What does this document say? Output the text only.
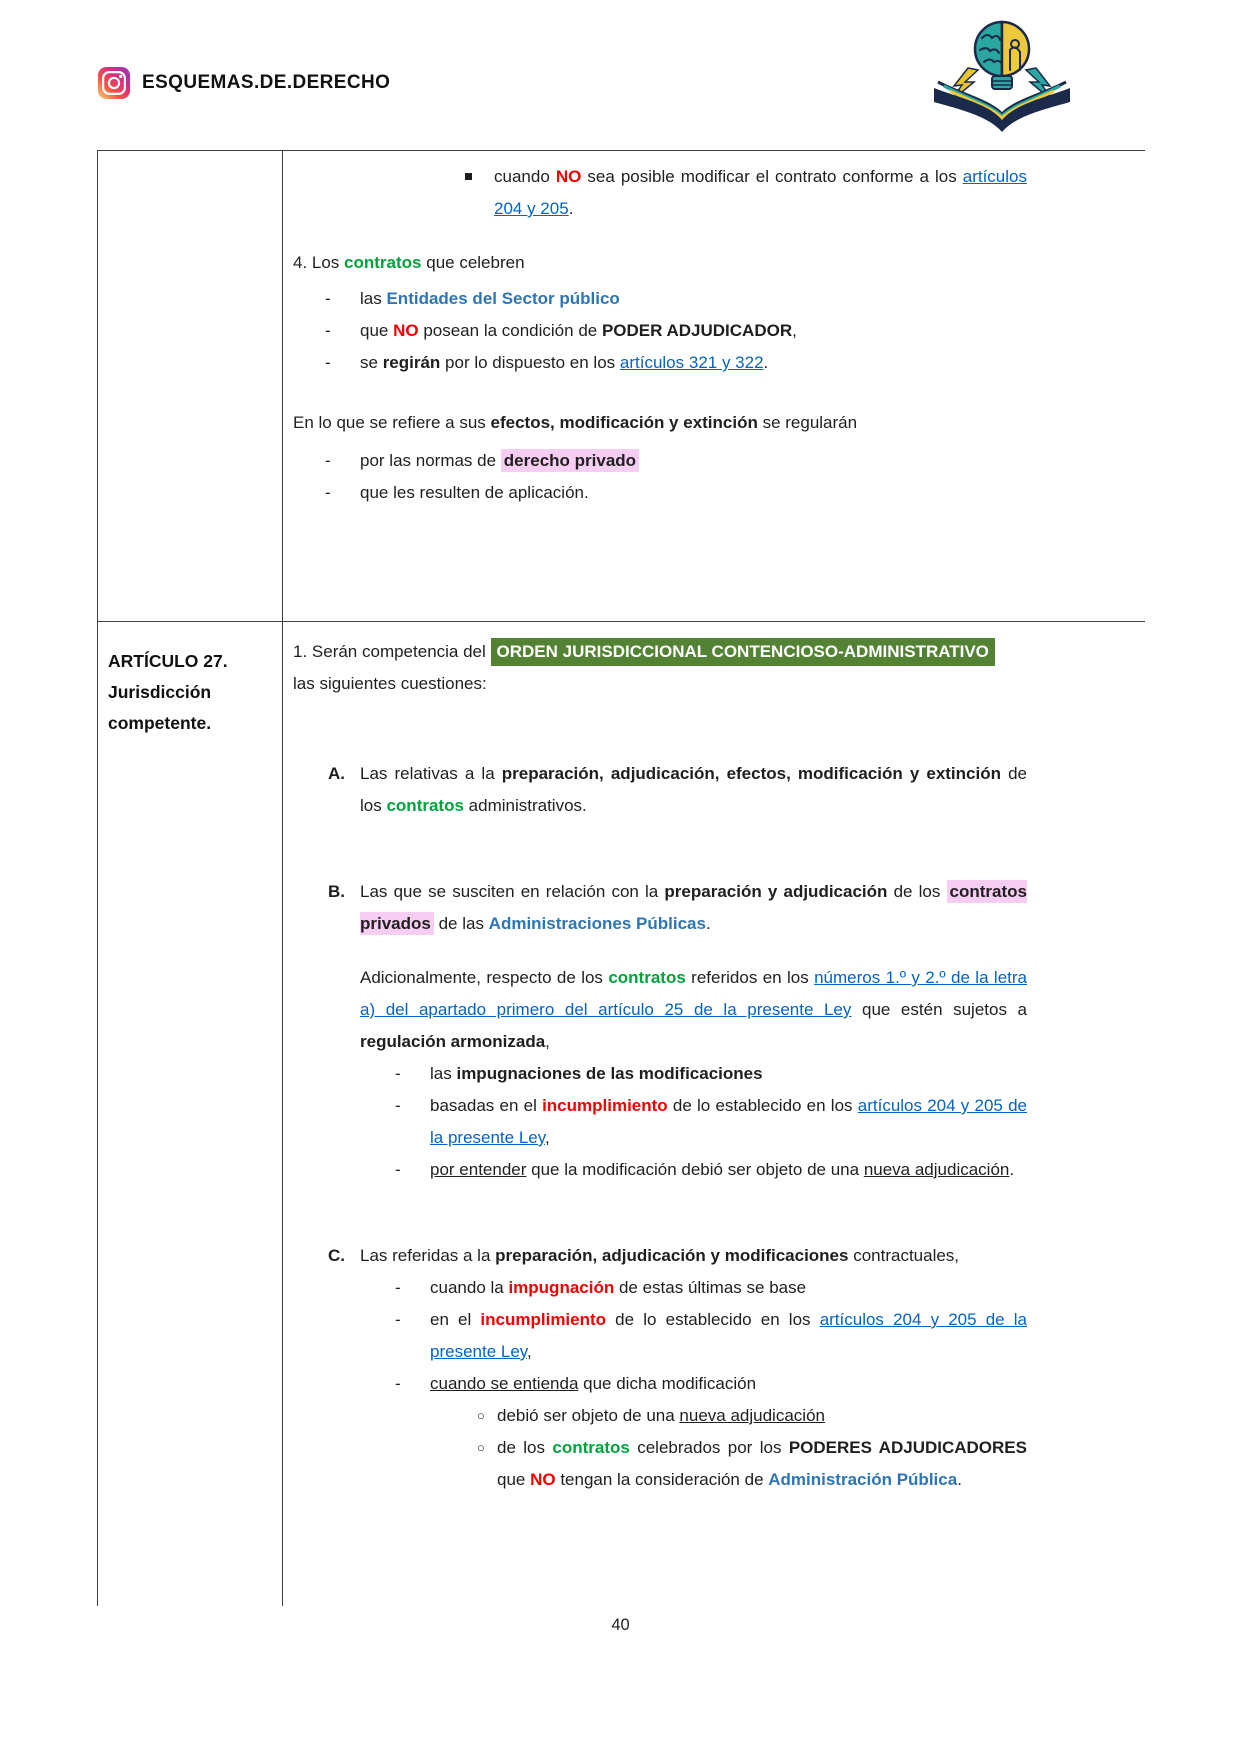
ESQUEMAS.DE.DERECHO
cuando NO sea posible modificar el contrato conforme a los artículos 204 y 205.
4. Los contratos que celebren
- las Entidades del Sector público
- que NO posean la condición de PODER ADJUDICADOR,
- se regirán por lo dispuesto en los artículos 321 y 322.
En lo que se refiere a sus efectos, modificación y extinción se regularán
- por las normas de derecho privado
- que les resulten de aplicación.
ARTÍCULO 27.
Jurisdicción
competente.
1. Serán competencia del ORDEN JURISDICCIONAL CONTENCIOSO-ADMINISTRATIVO
las siguientes cuestiones:
A. Las relativas a la preparación, adjudicación, efectos, modificación y extinción de los contratos administrativos.
B. Las que se susciten en relación con la preparación y adjudicación de los contratos privados de las Administraciones Públicas.
Adicionalmente, respecto de los contratos referidos en los números 1.º y 2.º de la letra a) del apartado primero del artículo 25 de la presente Ley que estén sujetos a regulación armonizada,
- las impugnaciones de las modificaciones
- basadas en el incumplimiento de lo establecido en los artículos 204 y 205 de la presente Ley,
- por entender que la modificación debió ser objeto de una nueva adjudicación.
C. Las referidas a la preparación, adjudicación y modificaciones contractuales,
- cuando la impugnación de estas últimas se base
- en el incumplimiento de lo establecido en los artículos 204 y 205 de la presente Ley,
- cuando se entienda que dicha modificación
○ debió ser objeto de una nueva adjudicación
○ de los contratos celebrados por los PODERES ADJUDICADORES que NO tengan la consideración de Administración Pública.
40
